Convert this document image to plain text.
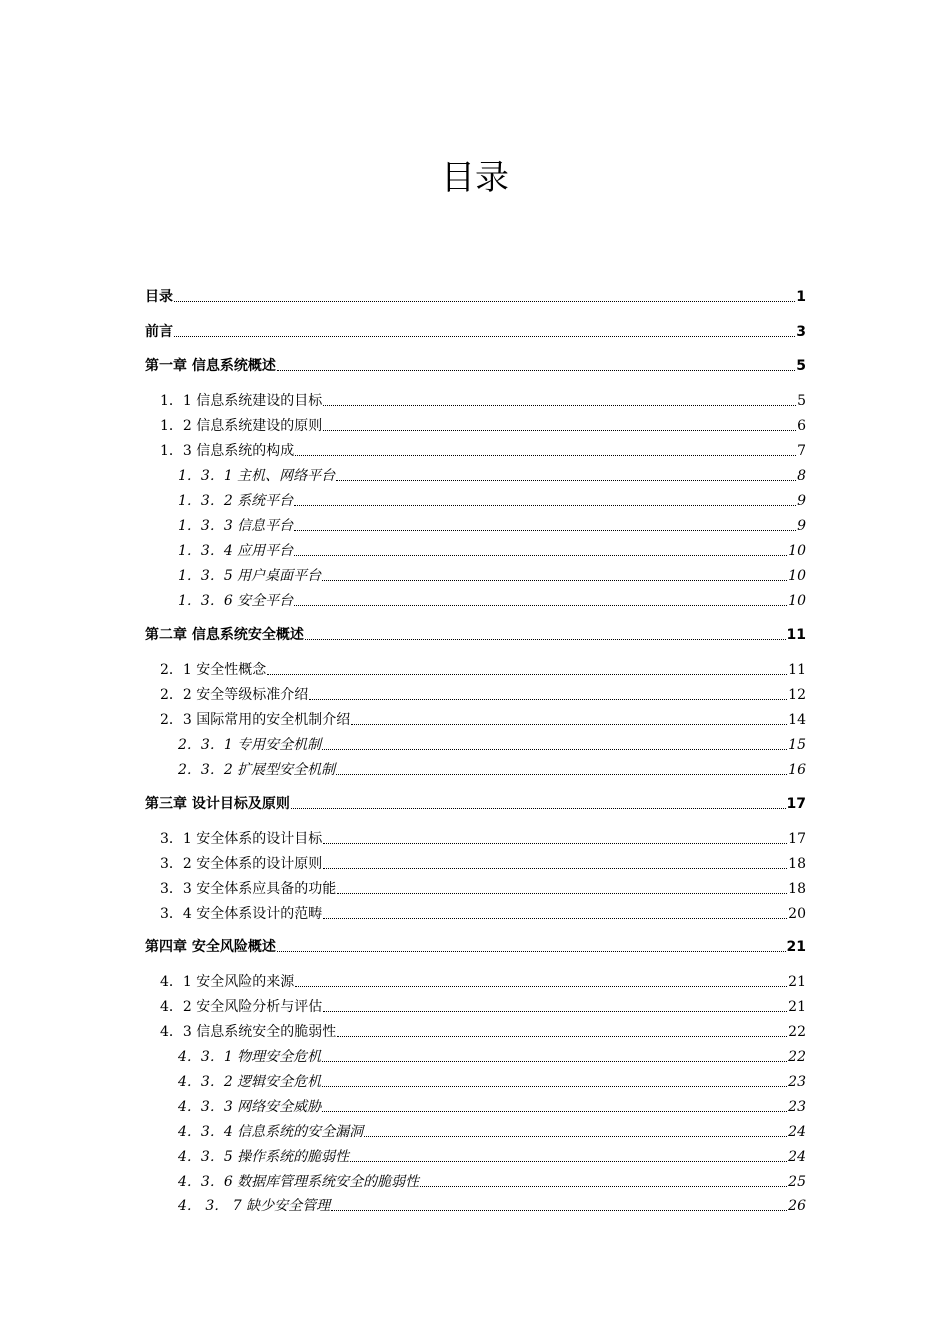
目录
目录	1
前言	3
第一章 信息系统概述	5
1．1 信息系统建设的目标	5
1．2 信息系统建设的原则	6
1．3 信息系统的构成	7
1．3．1 主机、网络平台	8
1．3．2 系统平台	9
1．3．3 信息平台	9
1．3．4 应用平台	10
1．3．5 用户桌面平台	10
1．3．6 安全平台	10
第二章 信息系统安全概述	11
2．1 安全性概念	11
2．2 安全等级标准介绍	12
2．3 国际常用的安全机制介绍	14
2．3．1 专用安全机制	15
2．3．2 扩展型安全机制	16
第三章 设计目标及原则	17
3．1 安全体系的设计目标	17
3．2 安全体系的设计原则	18
3．3 安全体系应具备的功能	18
3．4 安全体系设计的范畴	20
第四章 安全风险概述	21
4．1 安全风险的来源	21
4．2 安全风险分析与评估	21
4．3 信息系统安全的脆弱性	22
4．3．1 物理安全危机	22
4．3．2 逻辑安全危机	23
4．3．3 网络安全威胁	23
4．3．4 信息系统的安全漏洞	24
4．3．5 操作系统的脆弱性	24
4．3．6 数据库管理系统安全的脆弱性	25
4． 3． 7 缺少安全管理	26
